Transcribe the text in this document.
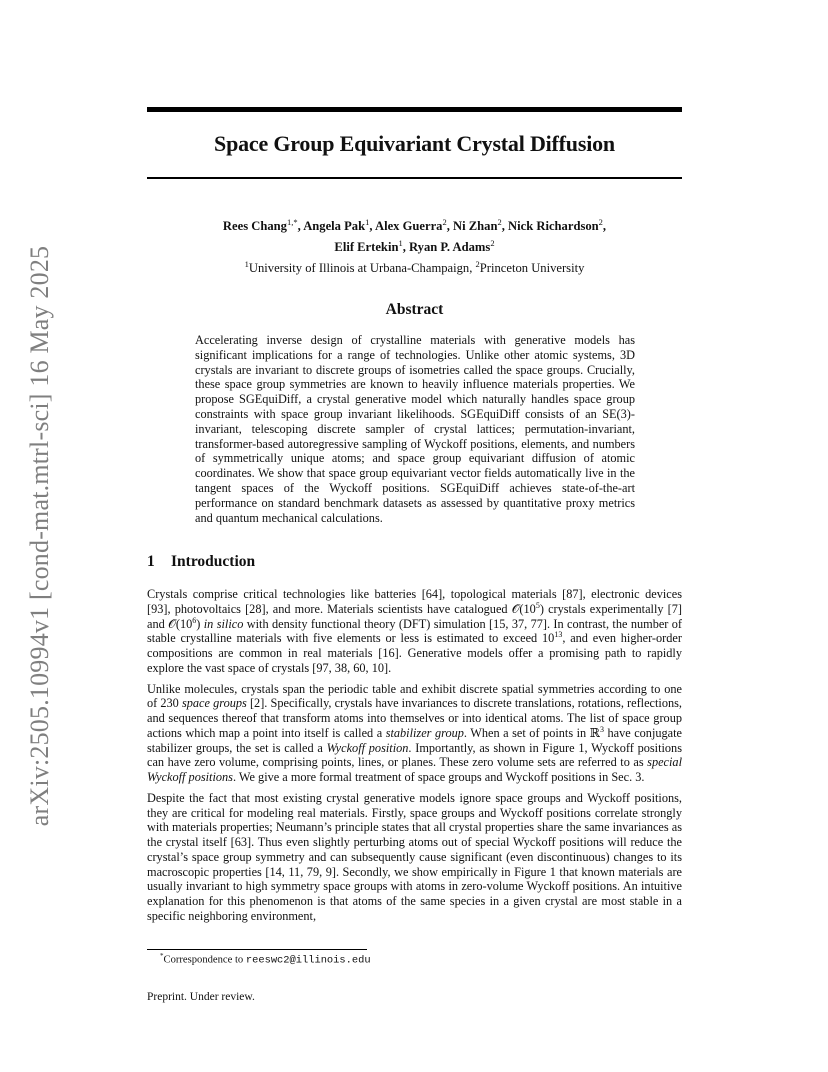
arXiv:2505.10994v1 [cond-mat.mtrl-sci] 16 May 2025
Space Group Equivariant Crystal Diffusion
Rees Chang$^{1,*}$, Angela Pak$^1$, Alex Guerra$^2$, Ni Zhan$^2$, Nick Richardson$^2$,
Elif Ertekin$^1$, Ryan P. Adams$^2$
$^1$University of Illinois at Urbana-Champaign, $^2$Princeton University
Abstract

Accelerating inverse design of crystalline materials with generative models has significant implications for a range of technologies. Unlike other atomic systems, 3D crystals are invariant to discrete groups of isometries called the space groups. Crucially, these space group symmetries are known to heavily influence materials properties. We propose SGEquiDiff, a crystal generative model which naturally handles space group constraints with space group invariant likelihoods. SGEquiDiff consists of an SE(3)-invariant, telescoping discrete sampler of crystal lattices; permutation-invariant, transformer-based autoregressive sampling of Wyckoff positions, elements, and numbers of symmetrically unique atoms; and space group equivariant diffusion of atomic coordinates. We show that space group equivariant vector fields automatically live in the tangent spaces of the Wyckoff positions. SGEquiDiff achieves state-of-the-art performance on standard benchmark datasets as assessed by quantitative proxy metrics and quantum mechanical calculations.

1 Introduction

Crystals comprise critical technologies like batteries [64], topological materials [87], electronic devices [93], photovoltaics [28], and more. Materials scientists have catalogued $𝒪(10^5)$ crystals experimentally [7] and $𝒪(10^6)$ in silico with density functional theory (DFT) simulation [15, 37, 77]. In contrast, the number of stable crystalline materials with five elements or less is estimated to exceed $10^{13}$, and even higher-order compositions are common in real materials [16]. Generative models offer a promising path to rapidly explore the vast space of crystals [97, 38, 60, 10].

Unlike molecules, crystals span the periodic table and exhibit discrete spatial symmetries according to one of 230 space groups [2]. Specifically, crystals have invariances to discrete translations, rotations, reflections, and sequences thereof that transform atoms into themselves or into identical atoms. The list of space group actions which map a point into itself is called a stabilizer group. When a set of points in ℝ$^3$ have conjugate stabilizer groups, the set is called a Wyckoff position. Importantly, as shown in Figure 1, Wyckoff positions can have zero volume, comprising points, lines, or planes. These zero volume sets are referred to as special Wyckoff positions. We give a more formal treatment of space groups and Wyckoff positions in Sec. 3.

Despite the fact that most existing crystal generative models ignore space groups and Wyckoff positions, they are critical for modeling real materials. Firstly, space groups and Wyckoff positions correlate strongly with materials properties; Neumann’s principle states that all crystal properties share the same invariances as the crystal itself [63]. Thus even slightly perturbing atoms out of special Wyckoff positions will reduce the crystal’s space group symmetry and can subsequently cause significant (even discontinuous) changes to its macroscopic properties [14, 11, 79, 9]. Secondly, we show empirically in Figure 1 that known materials are usually invariant to high symmetry space groups with atoms in zero-volume Wyckoff positions. An intuitive explanation for this phenomenon is that atoms of the same species in a given crystal are most stable in a specific neighboring environment,

*Correspondence to reeswc2@illinois.edu
Preprint. Under review.
